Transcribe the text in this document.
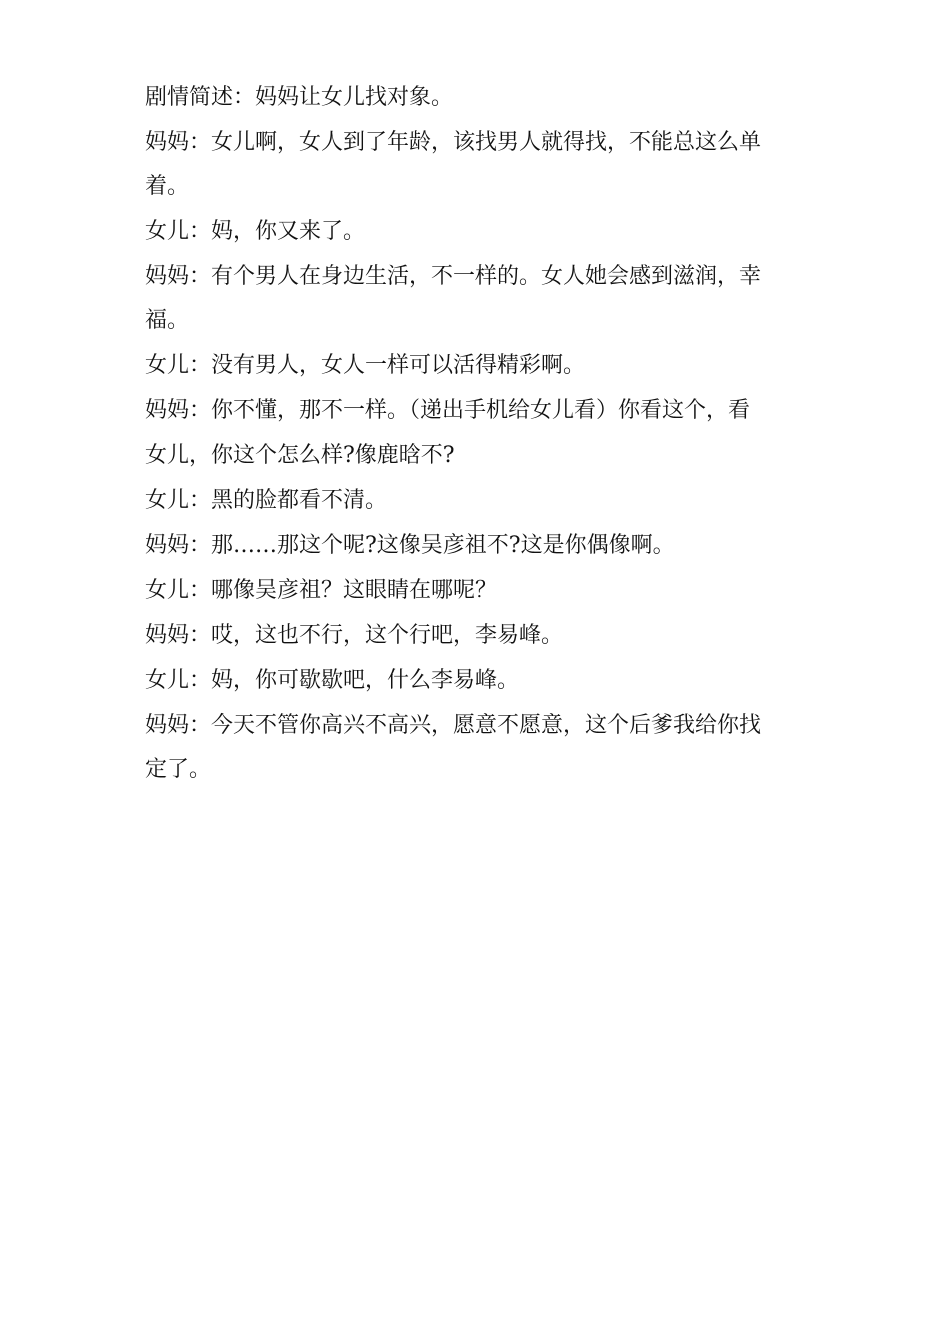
剧情简述：妈妈让女儿找对象。

妈妈：女儿啊，女人到了年龄，该找男人就得找，不能总这么单
着。

女儿：妈，你又来了。

妈妈：有个男人在身边生活，不一样的。女人她会感到滋润，幸
福。

女儿：没有男人，女人一样可以活得精彩啊。

妈妈：你不懂，那不一样。（递出手机给女儿看）你看这个，看

女儿，你这个怎么样?像鹿晗不?

女儿：黑的脸都看不清。

妈妈：那……那这个呢?这像吴彦祖不?这是你偶像啊。

女儿：哪像吴彦祖？这眼睛在哪呢？

妈妈：哎，这也不行，这个行吧，李易峰。

女儿：妈，你可歇歇吧，什么李易峰。

妈妈：今天不管你高兴不高兴，愿意不愿意，这个后爹我给你找
定了。
